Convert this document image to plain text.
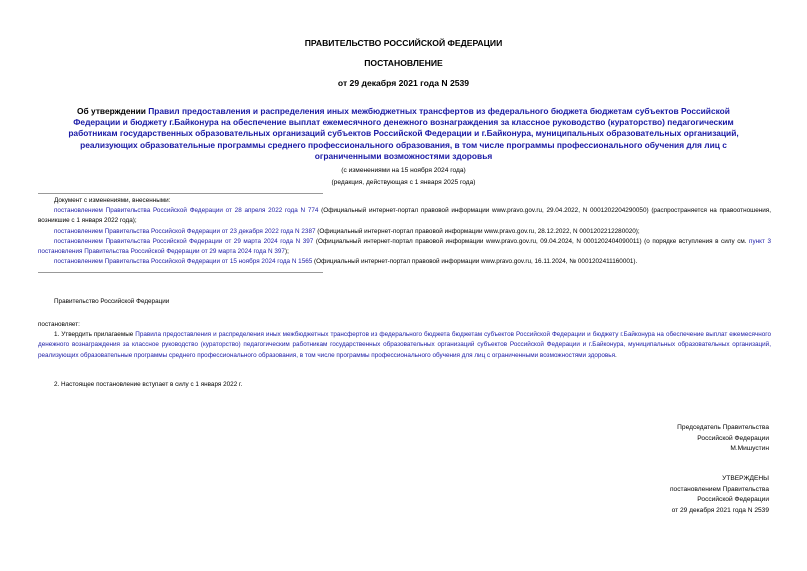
ПРАВИТЕЛЬСТВО РОССИЙСКОЙ ФЕДЕРАЦИИ
ПОСТАНОВЛЕНИЕ
от 29 декабря 2021 года N 2539
Об утверждении Правил предоставления и распределения иных межбюджетных трансфертов из федерального бюджета бюджетам субъектов Российской Федерации и бюджету г.Байконура на обеспечение выплат ежемесячного денежного вознаграждения за классное руководство (кураторство) педагогическим работникам государственных образовательных организаций субъектов Российской Федерации и г.Байконура, муниципальных образовательных организаций, реализующих образовательные программы среднего профессионального образования, в том числе программы профессионального обучения для лиц с ограниченными возможностями здоровья
(с изменениями на 15 ноября 2024 года)
(редакция, действующая с 1 января 2025 года)

Документ с изменениями, внесенными:

постановлением Правительства Российской Федерации от 28 апреля 2022 года N 774 (Официальный интернет-портал правовой информации www.pravo.gov.ru, 29.04.2022, N 0001202204290050) (распространяется на правоотношения, возникшие с 1 января 2022 года);

постановлением Правительства Российской Федерации от 23 декабря 2022 года N 2387 (Официальный интернет-портал правовой информации www.pravo.gov.ru, 28.12.2022, N 0001202212280020);

постановлением Правительства Российской Федерации от 29 марта 2024 года N 397 (Официальный интернет-портал правовой информации www.pravo.gov.ru, 09.04.2024, N 0001202404090011) (о порядке вступления в силу см. пункт 3 постановления Правительства Российской Федерации от 29 марта 2024 года N 397);

постановлением Правительства Российской Федерации от 15 ноября 2024 года N 1565 (Официальный интернет-портал правовой информации www.pravo.gov.ru, 16.11.2024, № 0001202411160001).

Правительство Российской Федерации

постановляет:

1. Утвердить прилагаемые Правила предоставления и распределения иных межбюджетных трансфертов из федерального бюджета бюджетам субъектов Российской Федерации и бюджету г.Байконура на обеспечение выплат ежемесячного денежного вознаграждения за классное руководство (кураторство) педагогическим работникам государственных образовательных организаций субъектов Российской Федерации и г.Байконура, муниципальных образовательных организаций, реализующих образовательные программы среднего профессионального образования, в том числе программы профессионального обучения для лиц с ограниченными возможностями здоровья.

2. Настоящее постановление вступает в силу с 1 января 2022 г.

Председатель Правительства
Российской Федерации
М.Мишустин
УТВЕРЖДЕНЫ
постановлением Правительства
Российской Федерации
от 29 декабря 2021 года N 2539
